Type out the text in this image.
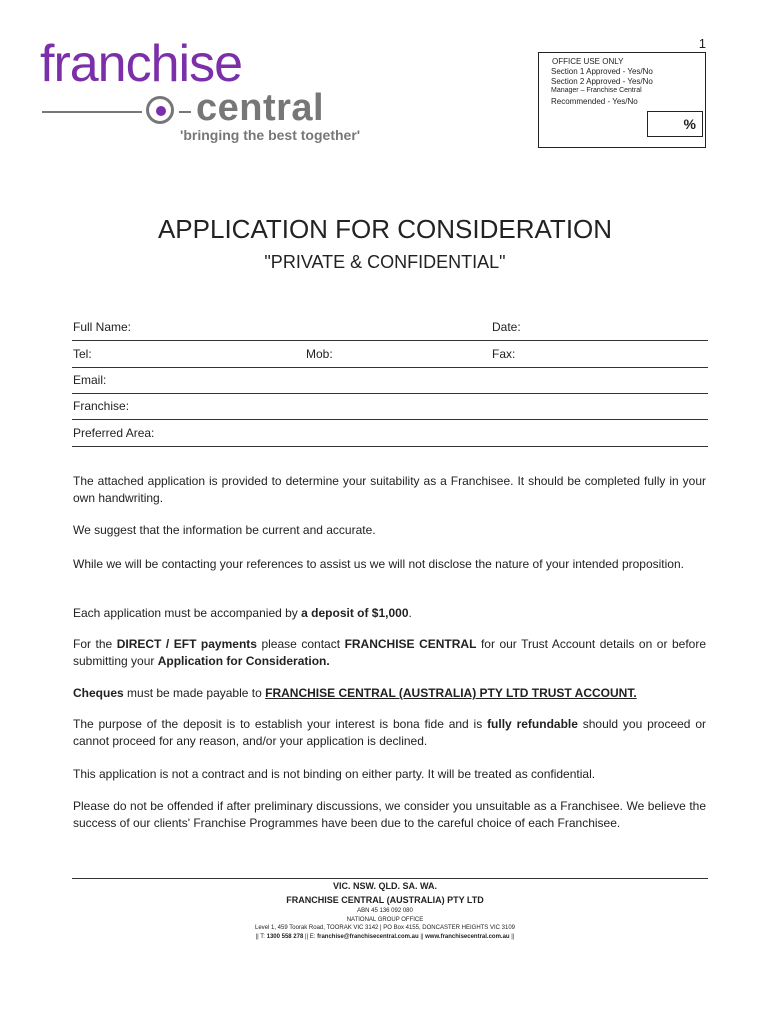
1
franchise
central
'bringing the best together'
OFFICE USE ONLY
Section 1 Approved - Yes/No
Section 2 Approved - Yes/No
Manager – Franchise Central
Recommended - Yes/No
%
APPLICATION FOR CONSIDERATION
"PRIVATE & CONFIDENTIAL"
Full Name:	Date:
Tel:	Mob:	Fax:
Email:
Franchise:
Preferred Area:
The attached application is provided to determine your suitability as a Franchisee. It should be completed fully in your own handwriting.
We suggest that the information be current and accurate.
While we will be contacting your references to assist us we will not disclose the nature of your intended proposition.
Each application must be accompanied by a deposit of $1,000.
For the DIRECT / EFT payments please contact FRANCHISE CENTRAL for our Trust Account details on or before submitting your Application for Consideration.
Cheques must be made payable to FRANCHISE CENTRAL (AUSTRALIA) PTY LTD TRUST ACCOUNT.
The purpose of the deposit is to establish your interest is bona fide and is fully refundable should you proceed or cannot proceed for any reason, and/or your application is declined.
This application is not a contract and is not binding on either party. It will be treated as confidential.
Please do not be offended if after preliminary discussions, we consider you unsuitable as a Franchisee. We believe the success of our clients' Franchise Programmes have been due to the careful choice of each Franchisee.
VIC. NSW. QLD. SA. WA.
FRANCHISE CENTRAL (AUSTRALIA) PTY LTD
ABN 45 136 092 080
NATIONAL GROUP OFFICE
Level 1, 459 Toorak Road, TOORAK VIC 3142 | PO Box 4155, DONCASTER HEIGHTS VIC 3109
|| T: 1300 558 278 || E: franchise@franchisecentral.com.au || www.franchisecentral.com.au ||
